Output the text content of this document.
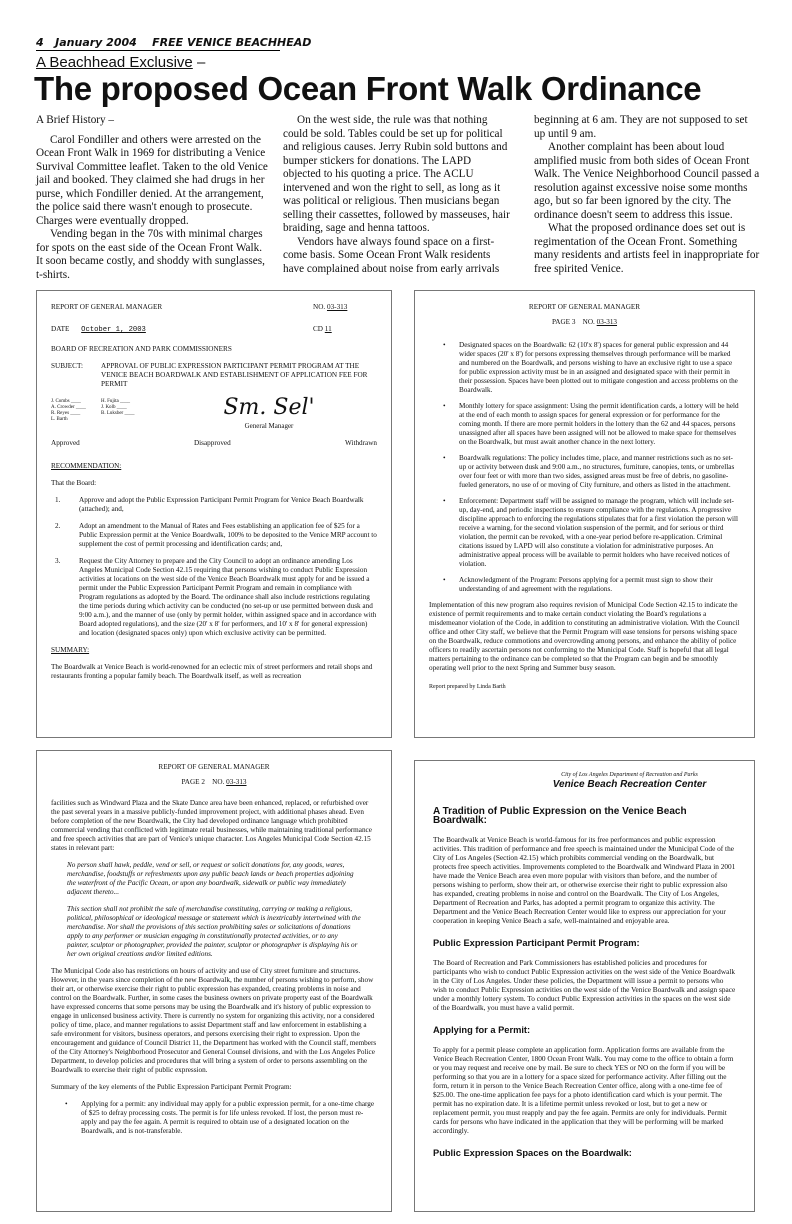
4 January 2004 FREE VENICE BEACHHEAD
A Beachhead Exclusive –
The proposed Ocean Front Walk Ordinance

A Brief History –

Carol Fondiller and others were arrested on the Ocean Front Walk in 1969 for distributing a Venice Survival Committee leaflet. Taken to the old Venice jail and booked. They claimed she had drugs in her purse, which Fondiller denied. At the arrangement, the police said there wasn't enough to prosecute. Charges were eventually dropped.

Vending began in the 70s with minimal charges for spots on the east side of the Ocean Front Walk. It soon became costly, and shoddy with sunglasses, t-shirts.

On the west side, the rule was that nothing could be sold. Tables could be set up for political and religious causes. Jerry Rubin sold buttons and bumper stickers for donations. The LAPD objected to his quoting a price. The ACLU intervened and won the right to sell, as long as it was political or religious. Then musicians began selling their cassettes, followed by masseuses, hair braiding, sage and henna tattoos.

Vendors have always found space on a first-come basis. Some Ocean Front Walk residents have complained about noise from early arrivals

beginning at 6 am. They are not supposed to set up until 9 am.

Another complaint has been about loud amplified music from both sides of Ocean Front Walk. The Venice Neighborhood Council passed a resolution against excessive noise some months ago, but so far been ignored by the city. The ordinance doesn't seem to address this issue.

What the proposed ordinance does set out is regimentation of the Ocean Front. Something many residents and artists feel in inappropriate for free spirited Venice.

REPORT OF GENERAL MANAGER	NO. 03-313
DATE October 1, 2003	CD 11

BOARD OF RECREATION AND PARK COMMISSIONERS

SUBJECT:	APPROVAL OF PUBLIC EXPRESSION PARTICIPANT PERMIT PROGRAM AT THE VENICE BEACH BOARDWALK AND ESTABLISHMENT OF APPLICATION FEE FOR PERMIT
J. Combs ____
A. Crowder ____
R. Reyes ____
L. Barth
H. Fujita ____
J. Kolb ____
B. Luksber ____	Sm. Sel'

General Manager

Approved	Disapproved	Withdrawn

RECOMMENDATION:

That the Board:

1.	Approve and adopt the Public Expression Participant Permit Program for Venice Beach Boardwalk (attached); and,

2.	Adopt an amendment to the Manual of Rates and Fees establishing an application fee of $25 for a Public Expression permit at the Venice Boardwalk, 100% to be deposited to the Venice MRP account to supplement the cost of permit processing and identification cards; and,

3.	Request the City Attorney to prepare and the City Council to adopt an ordinance amending Los Angeles Municipal Code Section 42.15 requiring that persons wishing to conduct Public Expression activities at locations on the west side of the Venice Beach Boardwalk must apply for and be issued a permit under the Public Expression Participant Permit Program and remain in compliance with Program regulations as adopted by the Board. The ordinance shall also include restrictions regulating the time periods during which activity can be conducted (no set-up or use permitted between dusk and 9:00 a.m.), and the manner of use (only by permit holder, within assigned space and in accordance with Board adopted regulations), and the size (20' x 8' for performers, and 10' x 8' for general expression) and location (designated spaces only) upon which exclusive activity can be permitted.

SUMMARY:

The Boardwalk at Venice Beach is world-renowned for an eclectic mix of street performers and retail shops and restaurants fronting a popular family beach. The Boardwalk itself, as well as recreation

REPORT OF GENERAL MANAGER

PAGE 3 NO. 03-313

• Designated spaces on the Boardwalk: 62 (10'x 8') spaces for general public expression and 44 wider spaces (20' x 8') for persons expressing themselves through performance will be marked and numbered on the Boardwalk, and persons wishing to have an exclusive right to use a space for public expression activity must be in an assigned and designated space with their permit in their possession. Spaces have been plotted out to mitigate congestion and access problems on the Boardwalk.

• Monthly lottery for space assignment: Using the permit identification cards, a lottery will be held at the end of each month to assign spaces for general expression or for performance for the coming month. If there are more permit holders in the lottery than the 62 and 44 spaces, persons unassigned after all spaces have been assigned will not be allowed to make space for themselves on the Boardwalk, but must await another chance in the next lottery.

• Boardwalk regulations: The policy includes time, place, and manner restrictions such as no set-up or activity between dusk and 9:00 a.m., no structures, furniture, canopies, tents, or umbrellas over four feet or with more than two sides, assigned areas must be free of debris, no gasoline-fueled generators, no use of or moving of City furniture, and others as listed in the attachment.

• Enforcement: Department staff will be assigned to manage the program, which will include set-up, day-end, and periodic inspections to ensure compliance with the regulations. A progressive discipline approach to enforcing the regulations stipulates that for a first violation the person will receive a warning, for the second violation suspension of the permit, and for serious or third violation, the permit can be revoked, with a one-year period before re-application. Criminal citations issued by LAPD will also constitute a violation for administrative purposes. An administrative appeal process will be available to permit holders who have received notices of violation.

• Acknowledgment of the Program: Persons applying for a permit must sign to show their understanding of and agreement with the regulations.

Implementation of this new program also requires revision of Municipal Code Section 42.15 to indicate the existence of permit requirements and to make certain conduct violating the Board's regulations a misdemeanor violation of the Code, in addition to constituting an administrative violation. With the Council office and other City staff, we believe that the Permit Program will ease tensions for persons wishing space on the Boardwalk, reduce commotions and overcrowding among persons, and enhance the ability of police officers to readily ascertain persons not conforming to the Municipal Code. Staff is hopeful that all legal matters pertaining to the ordinance can be completed so that the Program can begin and be smoothly operating well prior to the next Spring and Summer busy season.

Report prepared by Linda Barth

REPORT OF GENERAL MANAGER

PAGE 2 NO. 03-313

facilities such as Windward Plaza and the Skate Dance area have been enhanced, replaced, or refurbished over the past several years in a massive publicly-funded improvement project, with additional phases ahead. Even before completion of the new Boardwalk, the City had developed ordinance language which prohibited commercial vending that conflicted with legitimate retail businesses, while maintaining traditional performance and free speech activities that are part of Venice's unique character. Los Angeles Municipal Code Section 42.15 states in relevant part:

No person shall hawk, peddle, vend or sell, or request or solicit donations for, any goods, wares, merchandise, foodstuffs or refreshments upon any public beach lands or beach properties adjoining the waterfront of the Pacific Ocean, or upon any boardwalk, sidewalk or public way immediately adjacent thereto...

This section shall not prohibit the sale of merchandise constituting, carrying or making a religious, political, philosophical or ideological message or statement which is inextricably intertwined with the merchandise. Nor shall the provisions of this section prohibiting sales or solicitations of donations apply to any performer or musician engaging in constitutionally protected activities, or to any painter, sculptor or photographer, provided the painter, sculptor or photographer is displaying his or her own original creations and/or limited editions.

The Municipal Code also has restrictions on hours of activity and use of City street furniture and structures. However, in the years since completion of the new Boardwalk, the number of persons wishing to perform, show their art, or otherwise exercise their right to public expression has expanded, creating problems in noise and control on the Boardwalk. Further, in some cases the business owners on private property east of the Boardwalk have expressed concerns that some persons may be using the Boardwalk and it's history of public expression to engage in unlicensed business activity. There is currently no system for organizing this activity, nor a considered policy of time, place, and manner regulations to assist Department staff and law enforcement in establishing a safe environment for visitors, business operators, and persons exercising their right to expression. Upon the encouragement and guidance of Council District 11, the Department has worked with the Council staff, members of the City Attorney's Neighborhood Prosecutor and General Counsel divisions, and with the Los Angeles Police Department, to develop policies and procedures that will bring a system of order to persons assembling on the Boardwalk to exercise their right of public expression.

Summary of the key elements of the Public Expression Participant Permit Program:

• Applying for a permit: any individual may apply for a public expression permit, for a one-time charge of $25 to defray processing costs. The permit is for life unless revoked. If lost, the person must re-apply and pay the fee again. A permit is required to obtain use of a designated location on the Boardwalk, and is not-transferable.

City of Los Angeles Department of Recreation and Parks

Venice Beach Recreation Center

A Tradition of Public Expression on the Venice Beach Boardwalk:

The Boardwalk at Venice Beach is world-famous for its free performances and public expression activities. This tradition of performance and free speech is maintained under the Municipal Code of the City of Los Angeles (Section 42.15) which prohibits commercial vending on the Boardwalk, but protects free speech activities. Improvements completed to the Boardwalk and Windward Plaza in 2001 have made the Venice Beach area even more popular with visitors than before, and the number of persons wishing to perform, show their art, or otherwise exercise their right to public expression also has expanded, creating problems in noise and control on the Boardwalk. The City of Los Angeles, Department of Recreation and Parks, has adopted a permit program to organize this activity. The Department and the Venice Beach Recreation Center would like to express our appreciation for your cooperation in keeping Venice Beach a safe, well-maintained and enjoyable area.

Public Expression Participant Permit Program:

The Board of Recreation and Park Commissioners has established policies and procedures for participants who wish to conduct Public Expression activities on the west side of the Venice Boardwalk in the City of Los Angeles. Under these policies, the Department will issue a permit to persons who wish to conduct Public Expression activities on the west side of the Venice Boardwalk and assign space under a monthly lottery system. To conduct Public Expression activities in the spaces on the west side of the Boardwalk, you must have a valid permit.

Applying for a Permit:

To apply for a permit please complete an application form. Application forms are available from the Venice Beach Recreation Center, 1800 Ocean Front Walk. You may come to the office to obtain a form or you may request and receive one by mail. Be sure to check YES or NO on the form if you will be performing so that you are in a lottery for a space sized for performance activity. After filling out the form, return it in person to the Venice Beach Recreation Center office, along with a one-time fee of $25.00. The one-time application fee pays for a photo identification card which is your permit. The permit has no expiration date. It is a lifetime permit unless revoked or lost, but to get a new or replacement permit, you must reapply and pay the fee again. Permits are only for individuals. Permit cards for persons who have indicated in the application that they will be performing will be marked accordingly.

Public Expression Spaces on the Boardwalk:
